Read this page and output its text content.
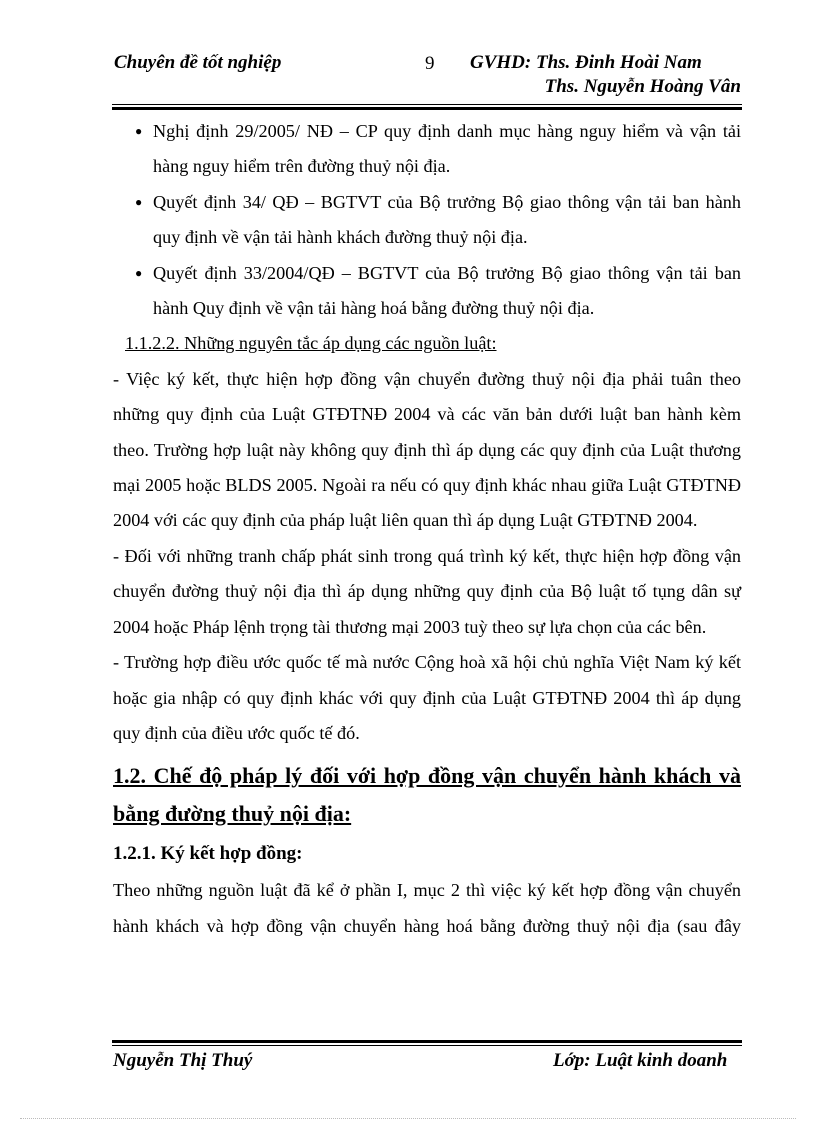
Chuyên đề tốt nghiệp	9 GVHD: Ths. Đinh Hoài Nam
Ths. Nguyễn Hoàng Vân
● Nghị định 29/2005/ NĐ – CP quy định danh mục hàng nguy hiểm và vận tải hàng nguy hiểm trên đường thuỷ nội địa.

● Quyết định 34/ QĐ – BGTVT của Bộ trưởng Bộ giao thông vận tải ban hành quy định về vận tải hành khách đường thuỷ nội địa.

● Quyết định 33/2004/QĐ – BGTVT của Bộ trưởng Bộ giao thông vận tải ban hành Quy định về vận tải hàng hoá bằng đường thuỷ nội địa.

1.1.2.2. Những nguyên tắc áp dụng các nguồn luật:

- Việc ký kết, thực hiện hợp đồng vận chuyển đường thuỷ nội địa phải tuân theo những quy định của Luật GTĐTNĐ 2004 và các văn bản dưới luật ban hành kèm theo. Trường hợp luật này không quy định thì áp dụng các quy định của Luật thương mại 2005 hoặc BLDS 2005. Ngoài ra nếu có quy định khác nhau giữa Luật GTĐTNĐ 2004 với các quy định của pháp luật liên quan thì áp dụng Luật GTĐTNĐ 2004.

- Đối với những tranh chấp phát sinh trong quá trình ký kết, thực hiện hợp đồng vận chuyển đường thuỷ nội địa thì áp dụng những quy định của Bộ luật tố tụng dân sự 2004 hoặc Pháp lệnh trọng tài thương mại 2003 tuỳ theo sự lựa chọn của các bên.

- Trường hợp điều ước quốc tế mà nước Cộng hoà xã hội chủ nghĩa Việt Nam ký kết hoặc gia nhập có quy định khác với quy định của Luật GTĐTNĐ 2004 thì áp dụng quy định của điều ước quốc tế đó.

1.2. Chế độ pháp lý đối với hợp đồng vận chuyển hành khách và bằng đường thuỷ nội địa:

1.2.1. Ký kết hợp đồng:

Theo những nguồn luật đã kể ở phần I, mục 2 thì việc ký kết hợp đồng vận chuyển hành khách và hợp đồng vận chuyển hàng hoá bằng đường thuỷ nội địa (sau đây

Nguyễn Thị Thuý	Lớp: Luật kinh doanh
